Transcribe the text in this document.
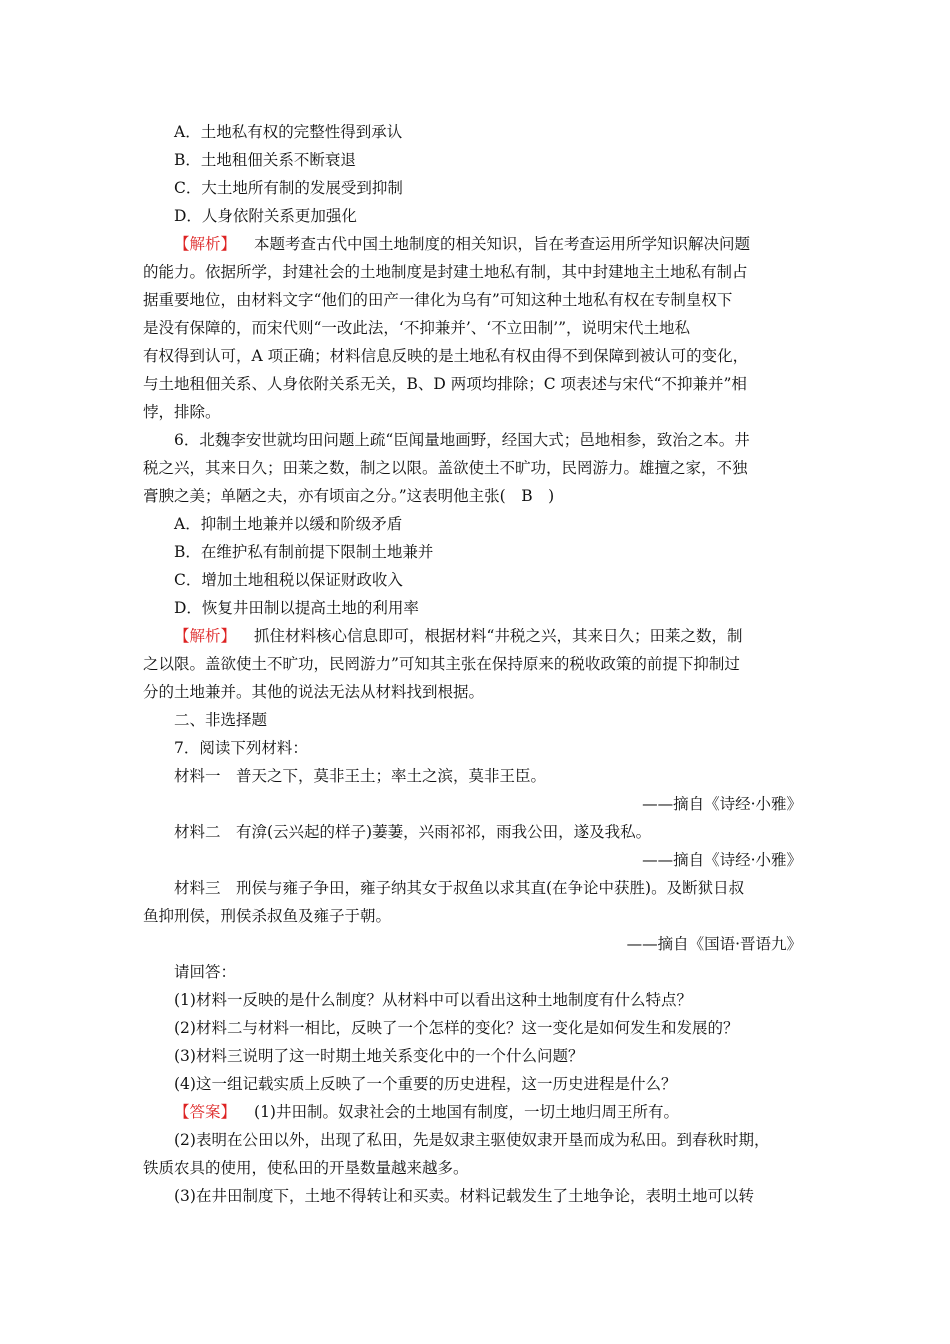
A．土地私有权的完整性得到承认
B．土地租佃关系不断衰退
C．大土地所有制的发展受到抑制
D．人身依附关系更加强化
【解析】 本题考查古代中国土地制度的相关知识，旨在考查运用所学知识解决问题
的能力。依据所学，封建社会的土地制度是封建土地私有制，其中封建地主土地私有制占
据重要地位，由材料文字“他们的田产一律化为乌有”可知这种土地私有权在专制皇权下
是没有保障的，而宋代则“一改此法，‘不抑兼并’、‘不立田制’”，说明宋代土地私
有权得到认可，A 项正确；材料信息反映的是土地私有权由得不到保障到被认可的变化，
与土地租佃关系、人身依附关系无关，B、D 两项均排除；C 项表述与宋代“不抑兼并”相
悖，排除。
6．北魏李安世就均田问题上疏“臣闻量地画野，经国大式；邑地相参，致治之本。井
税之兴，其来日久；田莱之数，制之以限。盖欲使土不旷功，民罔游力。雄擅之家，不独
膏腴之美；单陋之夫，亦有顷亩之分。”这表明他主张(　B　)
A．抑制土地兼并以缓和阶级矛盾
B．在维护私有制前提下限制土地兼并
C．增加土地租税以保证财政收入
D．恢复井田制以提高土地的利用率
【解析】 抓住材料核心信息即可，根据材料“井税之兴，其来日久；田莱之数，制
之以限。盖欲使土不旷功，民罔游力”可知其主张在保持原来的税收政策的前提下抑制过
分的土地兼并。其他的说法无法从材料找到根据。
二、非选择题
7．阅读下列材料：
材料一　普天之下，莫非王土；率土之滨，莫非王臣。
——摘自《诗经·小雅》
材料二　有渰(云兴起的样子)萋萋，兴雨祁祁，雨我公田，遂及我私。
——摘自《诗经·小雅》
材料三　刑侯与雍子争田，雍子纳其女于叔鱼以求其直(在争论中获胜)。及断狱日叔
鱼抑刑侯，刑侯杀叔鱼及雍子于朝。
——摘自《国语·晋语九》
请回答：
(1)材料一反映的是什么制度？从材料中可以看出这种土地制度有什么特点？
(2)材料二与材料一相比，反映了一个怎样的变化？这一变化是如何发生和发展的？
(3)材料三说明了这一时期土地关系变化中的一个什么问题？
(4)这一组记载实质上反映了一个重要的历史进程，这一历史进程是什么？
【答案】 (1)井田制。奴隶社会的土地国有制度，一切土地归周王所有。
(2)表明在公田以外，出现了私田，先是奴隶主驱使奴隶开垦而成为私田。到春秋时期，
铁质农具的使用，使私田的开垦数量越来越多。
(3)在井田制度下，土地不得转让和买卖。材料记载发生了土地争论，表明土地可以转
